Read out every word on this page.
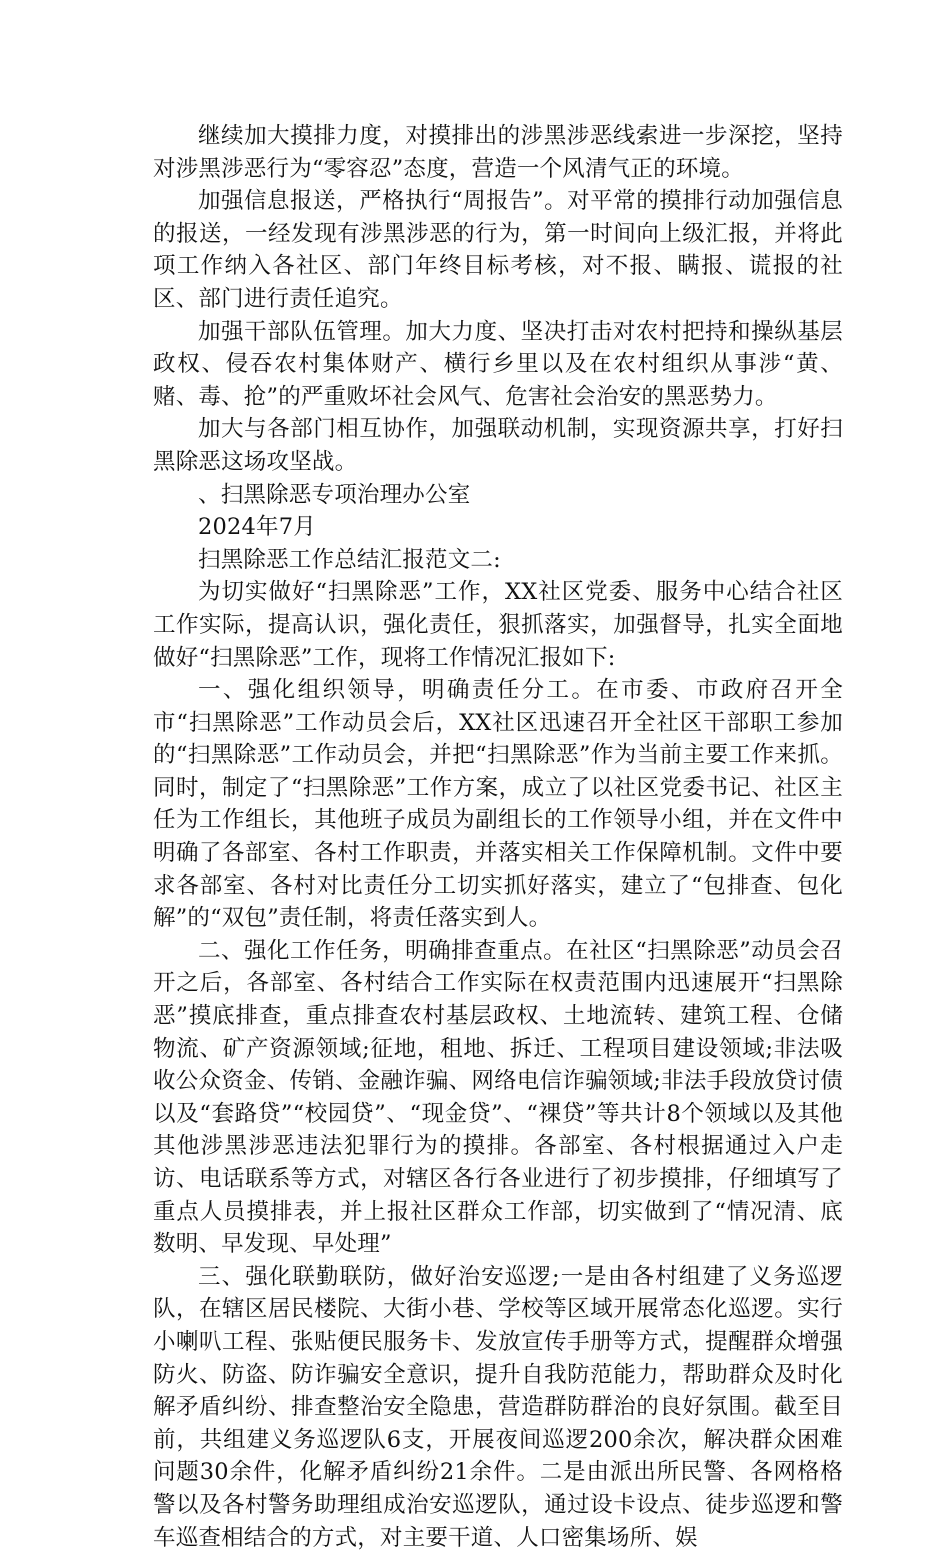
继续加大摸排力度，对摸排出的涉黑涉恶线索进一步深挖，坚持对涉黑涉恶行为“零容忍”态度，营造一个风清气正的环境。

加强信息报送，严格执行“周报告”。对平常的摸排行动加强信息的报送，一经发现有涉黑涉恶的行为，第一时间向上级汇报，并将此项工作纳入各社区、部门年终目标考核，对不报、瞒报、谎报的社区、部门进行责任追究。

加强干部队伍管理。加大力度、坚决打击对农村把持和操纵基层政权、侵吞农村集体财产、横行乡里以及在农村组织从事涉“黄、赌、毒、抢”的严重败坏社会风气、危害社会治安的黑恶势力。

加大与各部门相互协作，加强联动机制，实现资源共享，打好扫黑除恶这场攻坚战。

、扫黑除恶专项治理办公室

2024年7月

扫黑除恶工作总结汇报范文二:

为切实做好“扫黑除恶”工作，XX社区党委、服务中心结合社区工作实际，提高认识，强化责任，狠抓落实，加强督导，扎实全面地做好“扫黑除恶”工作，现将工作情况汇报如下:

一、强化组织领导，明确责任分工。在市委、市政府召开全市“扫黑除恶”工作动员会后，XX社区迅速召开全社区干部职工参加的“扫黑除恶”工作动员会，并把“扫黑除恶”作为当前主要工作来抓。同时，制定了“扫黑除恶”工作方案，成立了以社区党委书记、社区主任为工作组长，其他班子成员为副组长的工作领导小组，并在文件中明确了各部室、各村工作职责，并落实相关工作保障机制。文件中要求各部室、各村对比责任分工切实抓好落实，建立了“包排查、包化解”的“双包”责任制，将责任落实到人。

二、强化工作任务，明确排查重点。在社区“扫黑除恶”动员会召开之后，各部室、各村结合工作实际在权责范围内迅速展开“扫黑除恶”摸底排查，重点排查农村基层政权、土地流转、建筑工程、仓储物流、矿产资源领域;征地，租地、拆迁、工程项目建设领域;非法吸收公众资金、传销、金融诈骗、网络电信诈骗领域;非法手段放贷讨债以及“套路贷”“校园贷”、“现金贷”、“裸贷”等共计8个领域以及其他其他涉黑涉恶违法犯罪行为的摸排。各部室、各村根据通过入户走访、电话联系等方式，对辖区各行各业进行了初步摸排，仔细填写了重点人员摸排表，并上报社区群众工作部，切实做到了“情况清、底数明、早发现、早处理”

三、强化联勤联防，做好治安巡逻;一是由各村组建了义务巡逻队，在辖区居民楼院、大街小巷、学校等区域开展常态化巡逻。实行小喇叭工程、张贴便民服务卡、发放宣传手册等方式，提醒群众增强防火、防盗、防诈骗安全意识，提升自我防范能力，帮助群众及时化解矛盾纠纷、排查整治安全隐患，营造群防群治的良好氛围。截至目前，共组建义务巡逻队6支，开展夜间巡逻200余次，解决群众困难问题30余件，化解矛盾纠纷21余件。二是由派出所民警、各网格格警以及各村警务助理组成治安巡逻队，通过设卡设点、徒步巡逻和警车巡查相结合的方式，对主要干道、人口密集场所、娱
